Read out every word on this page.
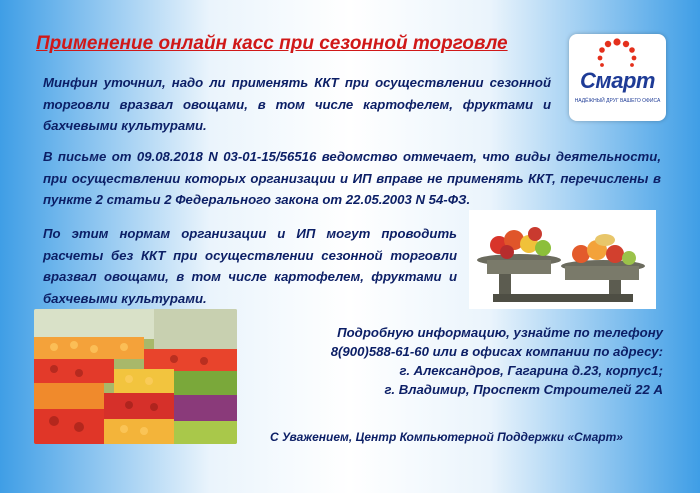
Применение онлайн касс при сезонной торговле
Смарт
НАДЁЖНЫЙ ДРУГ ВАШЕГО ОФИСА

Минфин уточнил, надо ли применять ККТ при осуществлении сезонной торговли вразвал овощами, в том числе картофелем, фруктами и бахчевыми культурами.

В письме от 09.08.2018 N 03-01-15/56516 ведомство отмечает, что виды деятельности, при осуществлении которых организации и ИП вправе не применять ККТ, перечислены в пункте 2 статьи 2 Федерального закона от 22.05.2003 N 54-ФЗ.

По этим нормам организации и ИП могут проводить расчеты без ККТ при осуществлении сезонной торговли вразвал овощами, в том числе картофелем, фруктами и бахчевыми культурами.

Подробную информацию, узнайте по телефону
8(900)588-61-60 или в офисах компании по адресу:
г. Александров, Гагарина д.23, корпус1;
г. Владимир, Проспект Строителей 22 А
С Уважением, Центр Компьютерной Поддержки «Смарт»
